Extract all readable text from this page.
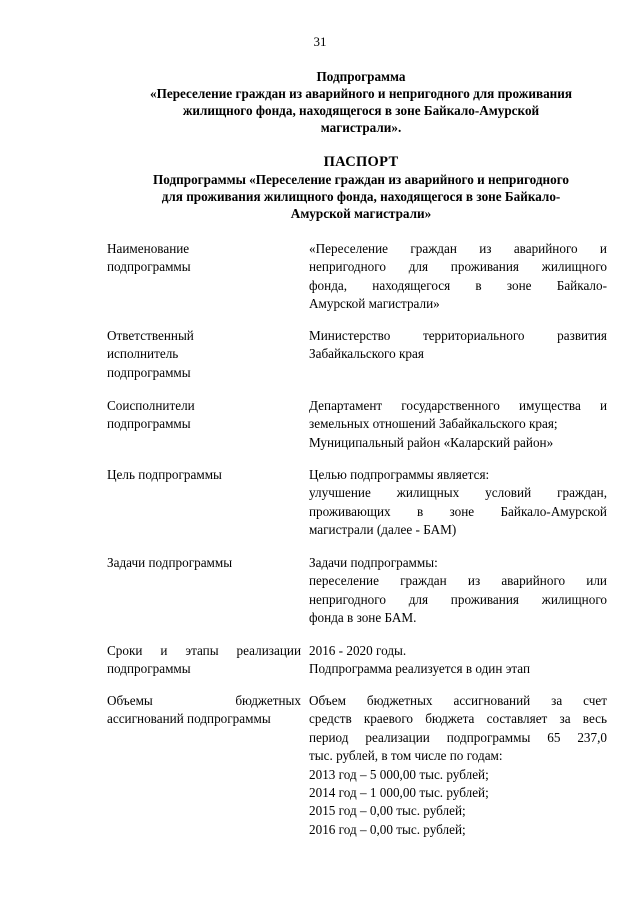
31
Подпрограмма
«Переселение граждан из аварийного и непригодного для проживания
жилищного фонда, находящегося в зоне Байкало-Амурской
магистрали».
ПАСПОРТ
Подпрограммы «Переселение граждан из аварийного и непригодного
для проживания жилищного фонда, находящегося в зоне Байкало-
Амурской магистрали»
Наименование
подпрограммы
«Переселение граждан из аварийного и
непригодного для проживания жилищного
фонда, находящегося в зоне Байкало-
Амурской магистрали»
Ответственный
исполнитель
подпрограммы
Министерство территориального развития
Забайкальского края
Соисполнители
подпрограммы
Департамент государственного имущества и
земельных отношений Забайкальского края;
Муниципальный район «Каларский район»
Цель подпрограммы	Целью подпрограммы является:
улучшение жилищных условий граждан,
проживающих в зоне Байкало-Амурской
магистрали (далее - БАМ)
Задачи подпрограммы	Задачи подпрограммы:
переселение граждан из аварийного или
непригодного для проживания жилищного
фонда в зоне БАМ.
Сроки и этапы реализации
подпрограммы
2016 - 2020 годы.
Подпрограмма реализуется в один этап
Объемы бюджетных
ассигнований подпрограммы
Объем бюджетных ассигнований за счет
средств краевого бюджета составляет за весь
период реализации подпрограммы 65 237,0
тыс. рублей, в том числе по годам:
2013 год – 5 000,00 тыс. рублей;
2014 год – 1 000,00 тыс. рублей;
2015 год – 0,00 тыс. рублей;
2016 год – 0,00 тыс. рублей;
